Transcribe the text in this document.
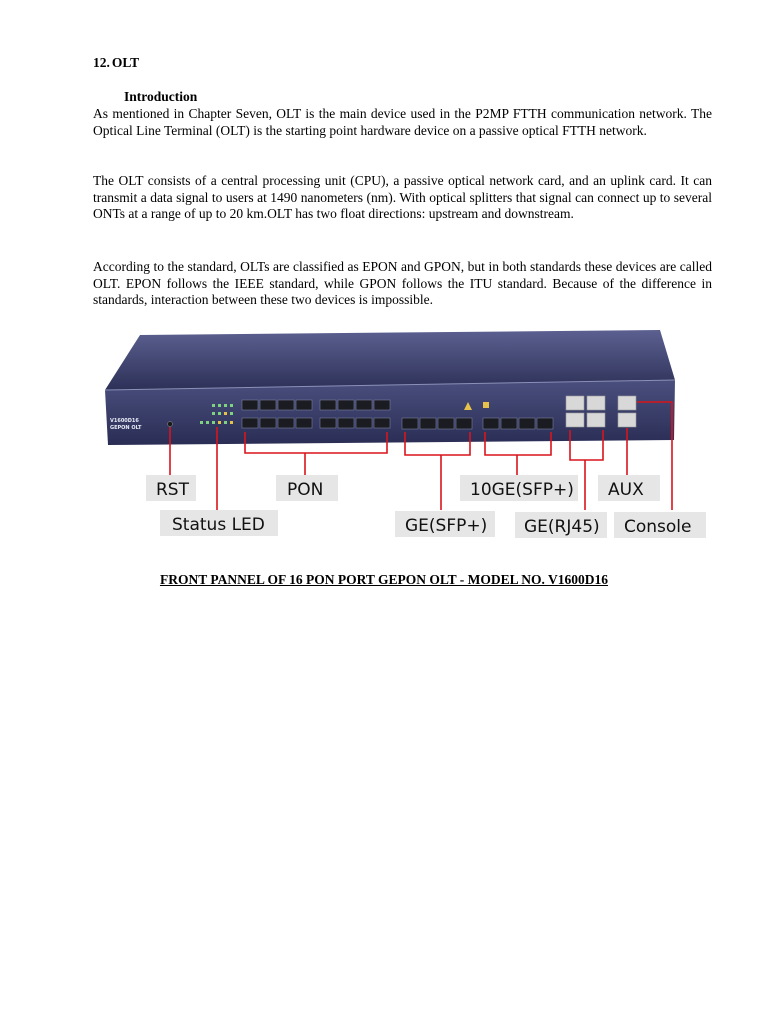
12. OLT
Introduction

As mentioned in Chapter Seven, OLT is the main device used in the P2MP FTTH communication network. The Optical Line Terminal (OLT) is the starting point hardware device on a passive optical FTTH network.

The OLT consists of a central processing unit (CPU), a passive optical network card, and an uplink card. It can transmit a data signal to users at 1490 nanometers (nm). With optical splitters that signal can connect up to several ONTs at a range of up to 20 km.OLT has two float directions: upstream and downstream.

According to the standard, OLTs are classified as EPON and GPON, but in both standards these devices are called OLT. EPON follows the IEEE standard, while GPON follows the ITU standard. Because of the difference in standards, interaction between these two devices is impossible.

V1600D16
GEPON OLT
RST	PON	10GE(SFP+) AUX
Status LED	GE(SFP+) GE(RJ45) Console
FRONT PANNEL OF 16 PON PORT GEPON OLT - MODEL NO. V1600D16
